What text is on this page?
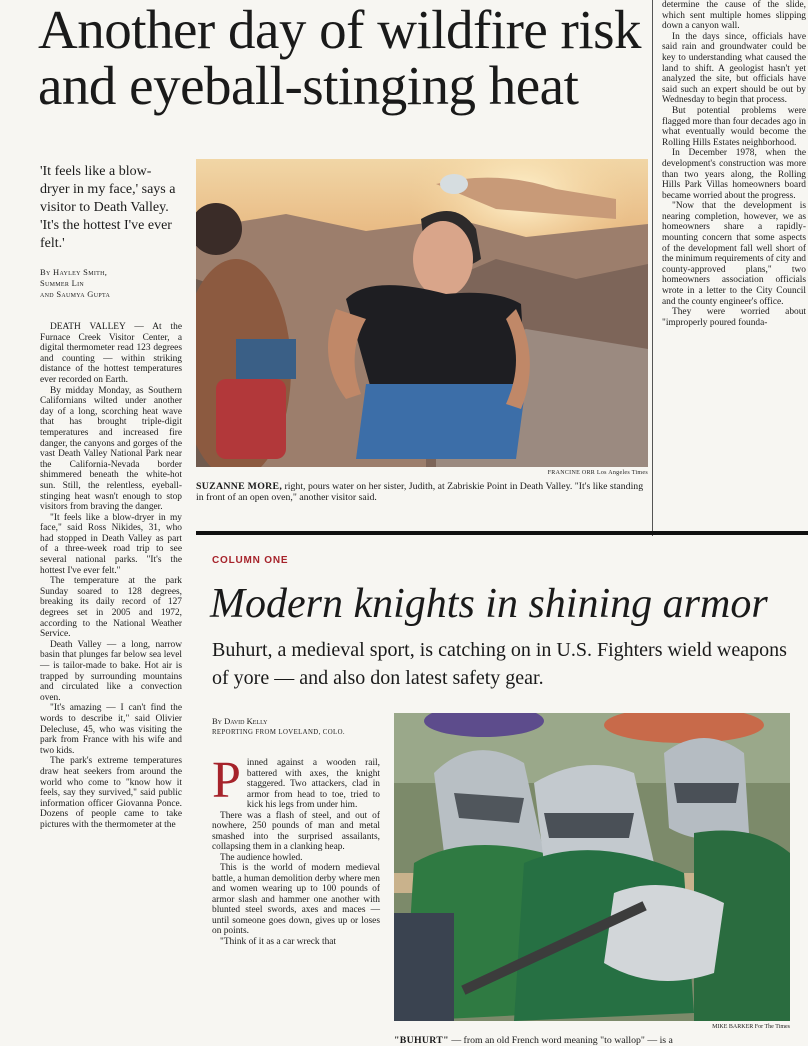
Another day of wildfire risk and eyeball-stinging heat

determine the cause of the slide, which sent multiple homes slipping down a canyon wall.

In the days since, officials have said rain and groundwater could be key to understanding what caused the land to shift. A geologist hasn't yet analyzed the site, but officials have said such an expert should be out by Wednesday to begin that process.

But potential problems were flagged more than four decades ago in what eventually would become the Rolling Hills Estates neighborhood.

In December 1978, when the development's construction was more than two years along, the Rolling Hills Park Villas homeowners board became worried about the progress.

"Now that the development is nearing completion, however, we as homeowners share a rapidly-mounting concern that some aspects of the development fall well short of the minimum requirements of city and county-approved plans," two homeowners association officials wrote in a letter to the City Council and the county engineer's office.

They were worried about "improperly poured founda-

'It feels like a blow-dryer in my face,' says a visitor to Death Valley. 'It's the hottest I've ever felt.'
By Hayley Smith,
Summer Lin
and Saumya Gupta

DEATH VALLEY — At the Furnace Creek Visitor Center, a digital thermometer read 123 degrees and counting — within striking distance of the hottest temperatures ever recorded on Earth.

By midday Monday, as Southern Californians wilted under another day of a long, scorching heat wave that has brought triple-digit temperatures and increased fire danger, the canyons and gorges of the vast Death Valley National Park near the California-Nevada border shimmered beneath the white-hot sun. Still, the relentless, eyeball-stinging heat wasn't enough to stop visitors from braving the danger.

"It feels like a blow-dryer in my face," said Ross Nikides, 31, who had stopped in Death Valley as part of a three-week road trip to see several national parks. "It's the hottest I've ever felt."

The temperature at the park Sunday soared to 128 degrees, breaking its daily record of 127 degrees set in 2005 and 1972, according to the National Weather Service.

Death Valley — a long, narrow basin that plunges far below sea level — is tailor-made to bake. Hot air is trapped by surrounding mountains and circulated like a convection oven.

"It's amazing — I can't find the words to describe it," said Olivier Delecluse, 45, who was visiting the park from France with his wife and two kids.

The park's extreme temperatures draw heat seekers from around the world who come to "know how it feels, say they survived," said public information officer Giovanna Ponce. Dozens of people came to take pictures with the thermometer at the

FRANCINE ORR Los Angeles Times
SUZANNE MORE, right, pours water on her sister, Judith, at Zabriskie Point in Death Valley. "It's like standing in front of an open oven," another visitor said.
COLUMN ONE
Modern knights in shining armor
Buhurt, a medieval sport, is catching on in U.S. Fighters wield weapons of yore — and also don latest safety gear.
By David Kelly
REPORTING FROM LOVELAND, COLO.
P inned against a wooden rail, battered with axes, the knight staggered. Two attackers, clad in armor from head to toe, tried to kick his legs from under him.

There was a flash of steel, and out of nowhere, 250 pounds of man and metal smashed into the surprised assailants, collapsing them in a clanking heap.

The audience howled.

This is the world of modern medieval battle, a human demolition derby where men and women wearing up to 100 pounds of armor slash and hammer one another with blunted steel swords, axes and maces — until someone goes down, gives up or loses on points.

"Think of it as a car wreck that

MIKE BARKER For The Times
"BUHURT" — from an old French word meaning "to wallop" — is a
